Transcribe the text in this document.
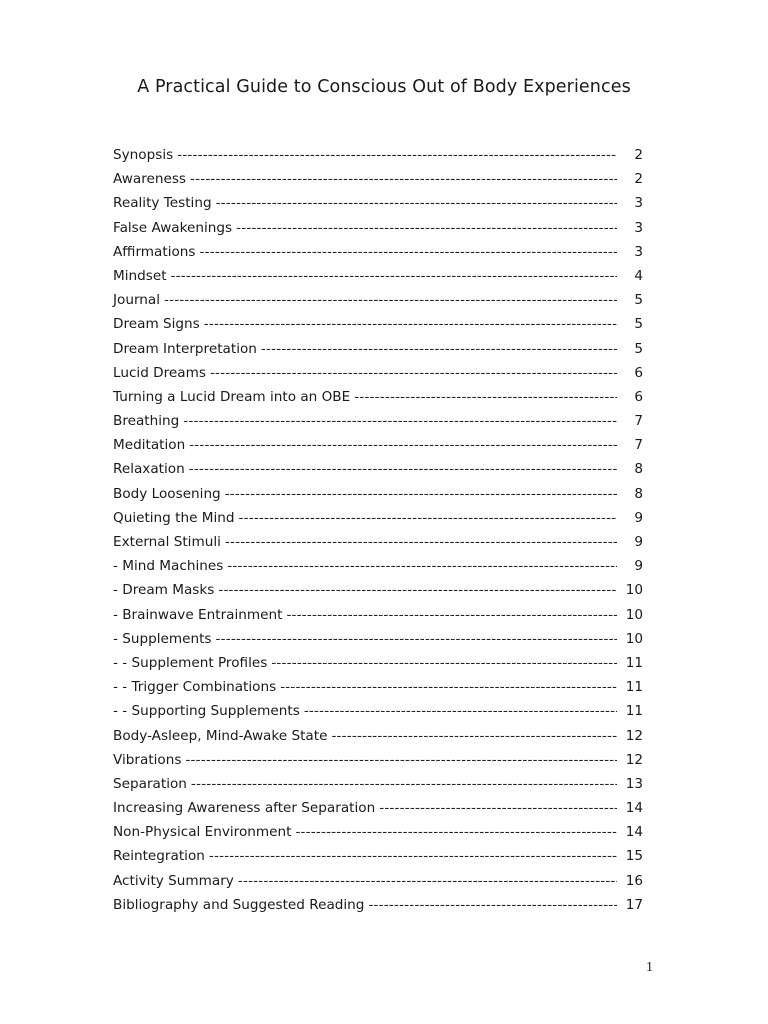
A Practical Guide to Conscious Out of Body Experiences
Synopsis -----	2
Awareness -----	2
Reality Testing -----	3
False Awakenings -----	3
Affirmations -----	3
Mindset -----	4
Journal -----	5
Dream Signs -----	5
Dream Interpretation -----	5
Lucid Dreams -----	6
Turning a Lucid Dream into an OBE -----	6
Breathing -----	7
Meditation -----	7
Relaxation -----	8
Body Loosening -----	8
Quieting the Mind -----	9
External Stimuli -----	9
- Mind Machines -----	9
- Dream Masks -----	10
- Brainwave Entrainment -----	10
- Supplements -----	10
- - Supplement Profiles -----	11
- - Trigger Combinations -----	11
- - Supporting Supplements -----	11
Body-Asleep, Mind-Awake State -----	12
Vibrations -----	12
Separation -----	13
Increasing Awareness after Separation -----	14
Non-Physical Environment -----	14
Reintegration -----	15
Activity Summary -----	16
Bibliography and Suggested Reading -----	17
1
